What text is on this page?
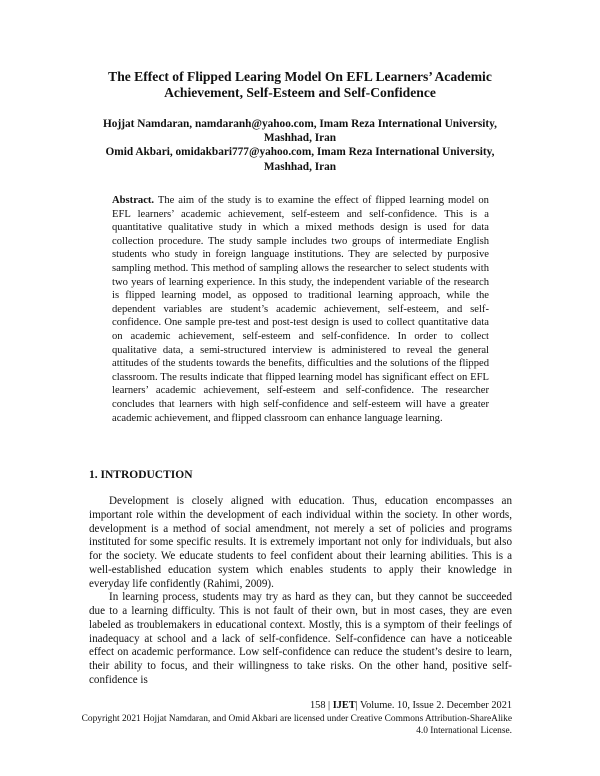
The Effect of Flipped Learing Model On EFL Learners’ Academic
Achievement, Self-Esteem and Self-Confidence
Hojjat Namdaran, namdaranh@yahoo.com, Imam Reza International University,
Mashhad, Iran
Omid Akbari, omidakbari777@yahoo.com, Imam Reza International University,
Mashhad, Iran

Abstract. The aim of the study is to examine the effect of flipped learning model on EFL learners’ academic achievement, self-esteem and self-confidence. This is a quantitative qualitative study in which a mixed methods design is used for data collection procedure. The study sample includes two groups of intermediate English students who study in foreign language institutions. They are selected by purposive sampling method. This method of sampling allows the researcher to select students with two years of learning experience. In this study, the independent variable of the research is flipped learning model, as opposed to traditional learning approach, while the dependent variables are student’s academic achievement, self-esteem, and self-confidence. One sample pre-test and post-test design is used to collect quantitative data on academic achievement, self-esteem and self-confidence. In order to collect qualitative data, a semi-structured interview is administered to reveal the general attitudes of the students towards the benefits, difficulties and the solutions of the flipped classroom. The results indicate that flipped learning model has significant effect on EFL learners’ academic achievement, self-esteem and self-confidence. The researcher concludes that learners with high self-confidence and self-esteem will have a greater academic achievement, and flipped classroom can enhance language learning.

1. INTRODUCTION

Development is closely aligned with education. Thus, education encompasses an important role within the development of each individual within the society. In other words, development is a method of social amendment, not merely a set of policies and programs instituted for some specific results. It is extremely important not only for individuals, but also for the society. We educate students to feel confident about their learning abilities. This is a well-established education system which enables students to apply their knowledge in everyday life confidently (Rahimi, 2009).

In learning process, students may try as hard as they can, but they cannot be succeeded due to a learning difficulty. This is not fault of their own, but in most cases, they are even labeled as troublemakers in educational context. Mostly, this is a symptom of their feelings of inadequacy at school and a lack of self-confidence. Self-confidence can have a noticeable effect on academic performance. Low self-confidence can reduce the student’s desire to learn, their ability to focus, and their willingness to take risks. On the other hand, positive self-confidence is

158 | IJET| Volume. 10, Issue 2. December 2021
Copyright 2021 Hojjat Namdaran, and Omid Akbari are licensed under Creative Commons Attribution-ShareAlike 4.0 International License.
